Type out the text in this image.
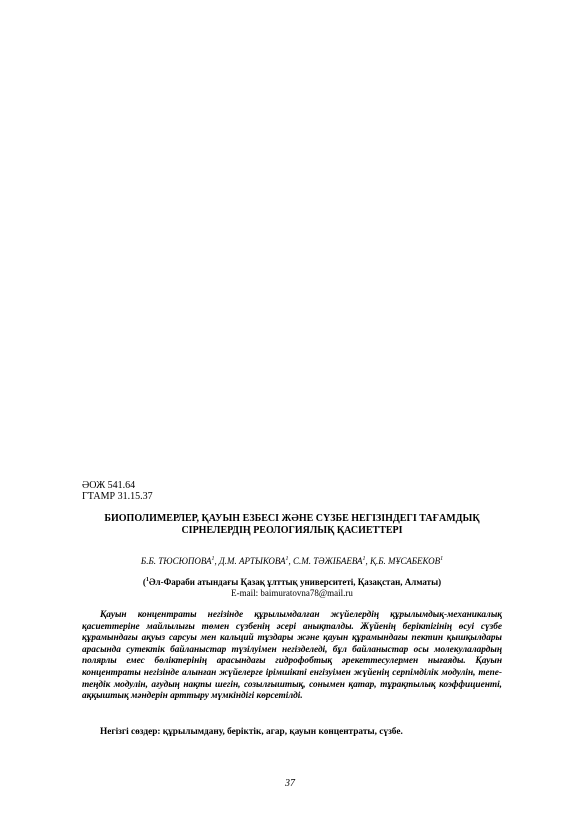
ӘОЖ 541.64
ГТАМР 31.15.37
БИОПОЛИМЕРЛЕР, ҚАУЫН ЕЗБЕСІ ЖӘНЕ СҮЗБЕ НЕГІЗІНДЕГІ ТАҒАМДЫҚ
СІРНЕЛЕРДІҢ РЕОЛОГИЯЛЫҚ ҚАСИЕТТЕРІ
Б.Б. ТЮСЮПОВА$^1$, Д.М. АРТЫКОВА$^1$, С.М. ТӘЖІБАЕВА$^1$, Қ.Б. МҰСАБЕКОВ$^1$
($^1$Әл-Фараби атындағы Қазақ ұлттық университеті, Қазақстан, Алматы)
E-mail: baimuratovna78@mail.ru
Қауын концентраты негізінде құрылымдалған жүйелердің құрылымдық-механикалық қасиеттеріне майлылығы төмен сүзбенің әсері анықталды. Жүйенің беріктігінің өсуі сүзбе құрамындағы ақуыз сарсуы мен кальций тұздары және қауын құрамындағы пектин қышқылдары арасында сутектік байланыстар түзілуімен негізделеді, бұл байланыстар осы молекулалардың полярлы емес бөліктерінің арасындағы гидрофобтық әрекеттесулермен нығаяды. Қауын концентраты негізінде алынған жүйелерге ірімшікті енгізуімен жүйенің серпімділік модулін, тепе-теңдік модулін, ағудың нақты шегін, созылғыштық, сонымен қатар, тұрақтылық коэффициенті, аққыштық мәндерін арттыру мүмкіндігі көрсетілді.
Негізгі сөздер: құрылымдану, беріктік, агар, қауын концентраты, сүзбе.
37
